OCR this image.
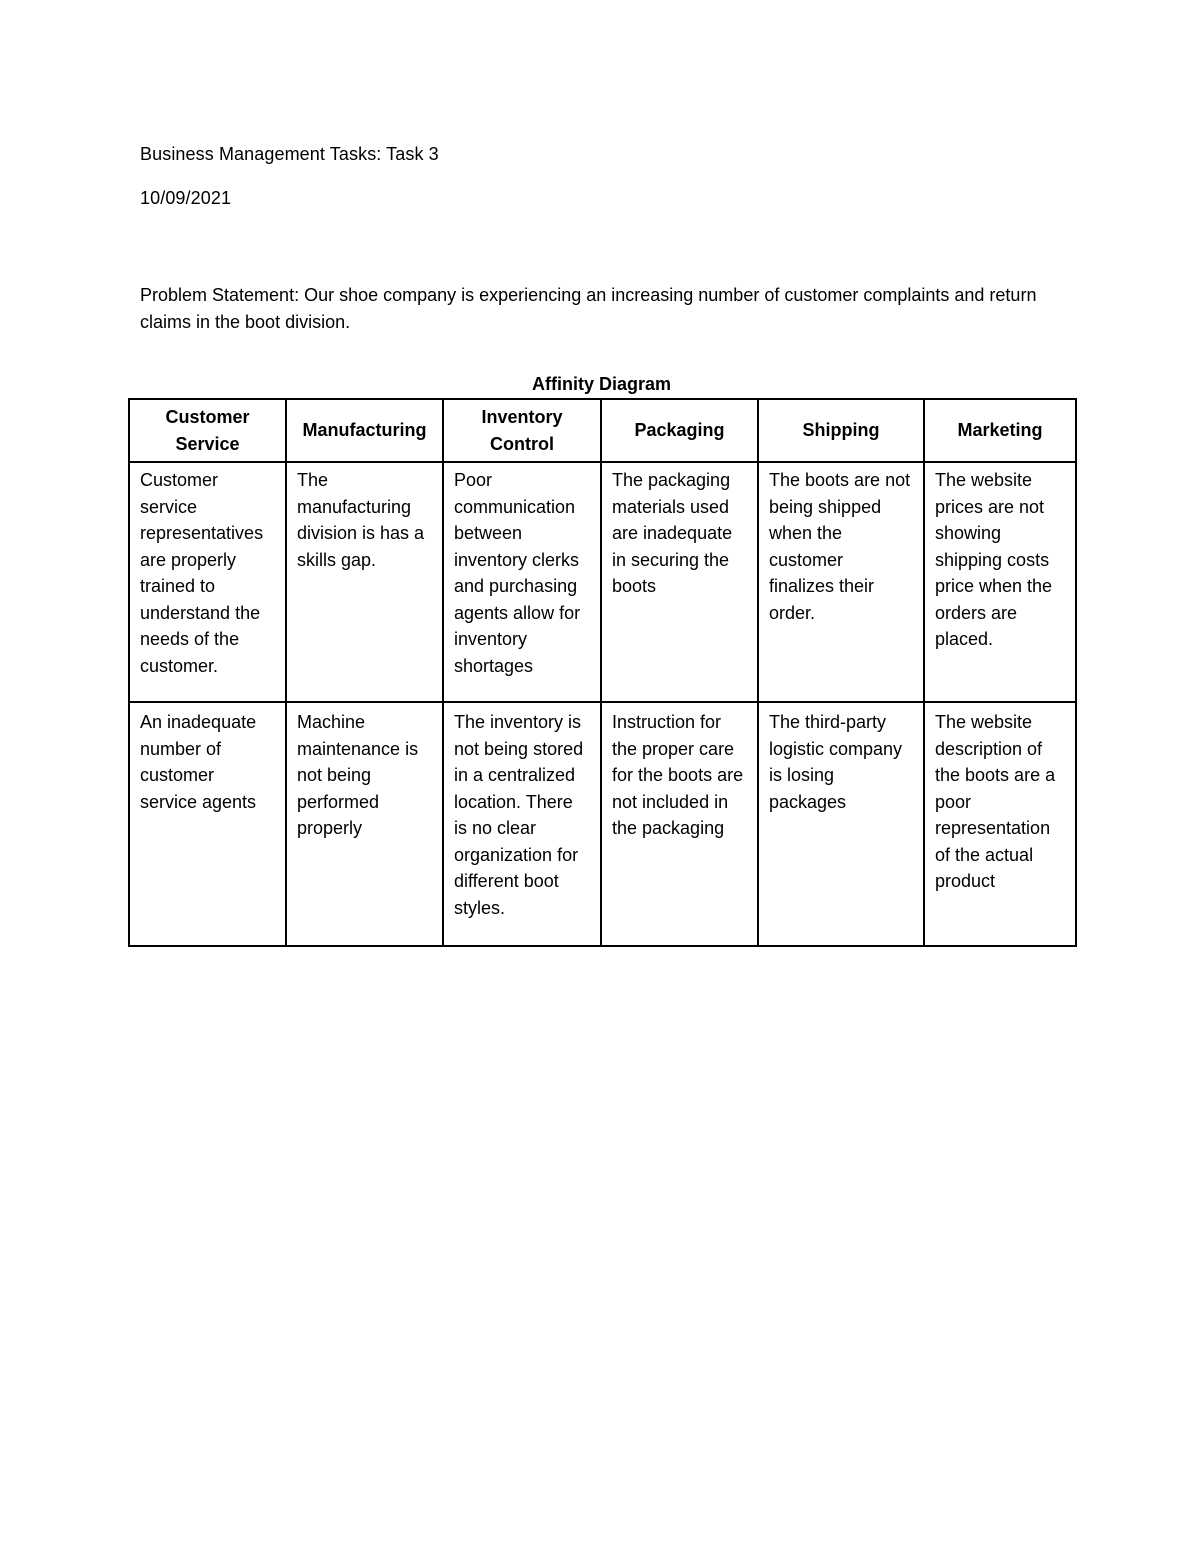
Business Management Tasks: Task 3
10/09/2021
Problem Statement: Our shoe company is experiencing an increasing number of customer complaints and return claims in the boot division.
Affinity Diagram
Customer Service	Manufacturing	Inventory Control	Packaging	Shipping	Marketing
Customer service representatives are properly trained to understand the needs of the customer.	The manufacturing division is has a skills gap.	Poor communication between inventory clerks and purchasing agents allow for inventory shortages	The packaging materials used are inadequate in securing the boots	The boots are not being shipped when the customer finalizes their order.	The website prices are not showing shipping costs price when the orders are placed.
An inadequate number of customer service agents	Machine maintenance is not being performed properly	The inventory is not being stored in a centralized location. There is no clear organization for different boot styles.	Instruction for the proper care for the boots are not included in the packaging	The third-party logistic company is losing packages	The website description of the boots are a poor representation of the actual product
